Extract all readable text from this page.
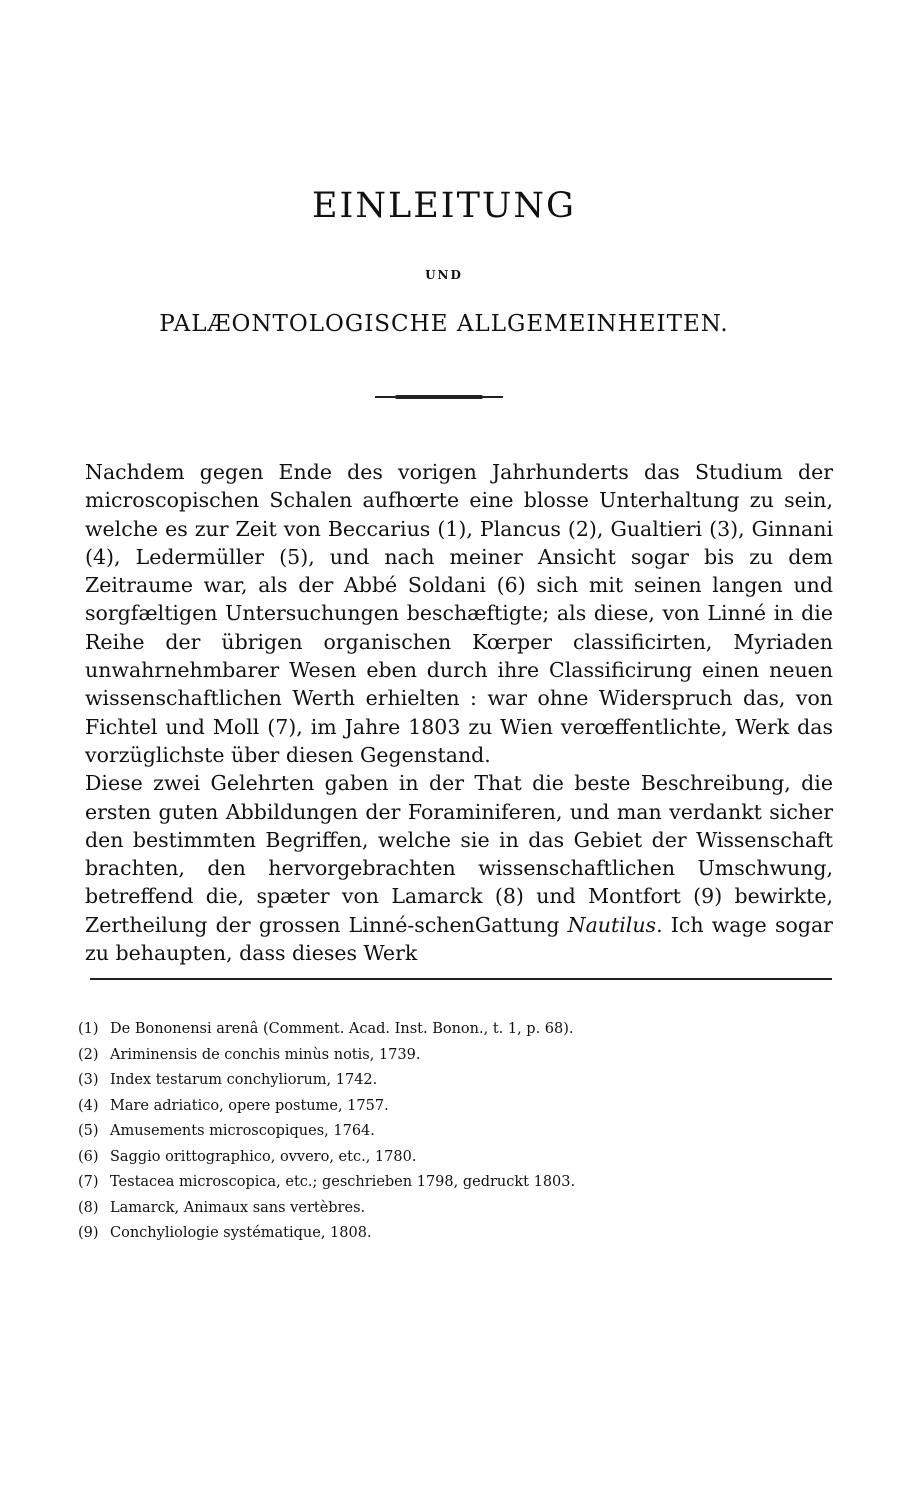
EINLEITUNG
UND
PALÆONTOLOGISCHE ALLGEMEINHEITEN.

Nachdem gegen Ende des vorigen Jahrhunderts das Studium der microscopischen Schalen aufhœrte eine blosse Unterhaltung zu sein, welche es zur Zeit von Beccarius (1), Plancus (2), Gualtieri (3), Ginnani (4), Ledermüller (5), und nach meiner Ansicht sogar bis zu dem Zeitraume war, als der Abbé Soldani (6) sich mit seinen langen und sorgfæltigen Untersuchungen beschæftigte; als diese, von Linné in die Reihe der übrigen organischen Kœrper classificirten, Myriaden unwahrnehmbarer Wesen eben durch ihre Classificirung einen neuen wissenschaftlichen Werth erhielten : war ohne Widerspruch das, von Fichtel und Moll (7), im Jahre 1803 zu Wien verœffentlichte, Werk das vorzüglichste über diesen Gegenstand.

Diese zwei Gelehrten gaben in der That die beste Beschreibung, die ersten guten Abbildungen der Foraminiferen, und man verdankt sicher den bestimmten Begriffen, welche sie in das Gebiet der Wissenschaft brachten, den hervorgebrachten wissenschaftlichen Umschwung, betreffend die, spæter von Lamarck (8) und Montfort (9) bewirkte, Zertheilung der grossen Linné-schenGattung Nautilus. Ich wage sogar zu behaupten, dass dieses Werk

(1) De Bononensi arenâ (Comment. Acad. Inst. Bonon., t. 1, p. 68).
(2) Ariminensis de conchis minùs notis, 1739.
(3) Index testarum conchyliorum, 1742.
(4) Mare adriatico, opere postume, 1757.
(5) Amusements microscopiques, 1764.
(6) Saggio orittographico, ovvero, etc., 1780.
(7) Testacea microscopica, etc.; geschrieben 1798, gedruckt 1803.
(8) Lamarck, Animaux sans vertèbres.
(9) Conchyliologie systématique, 1808.
